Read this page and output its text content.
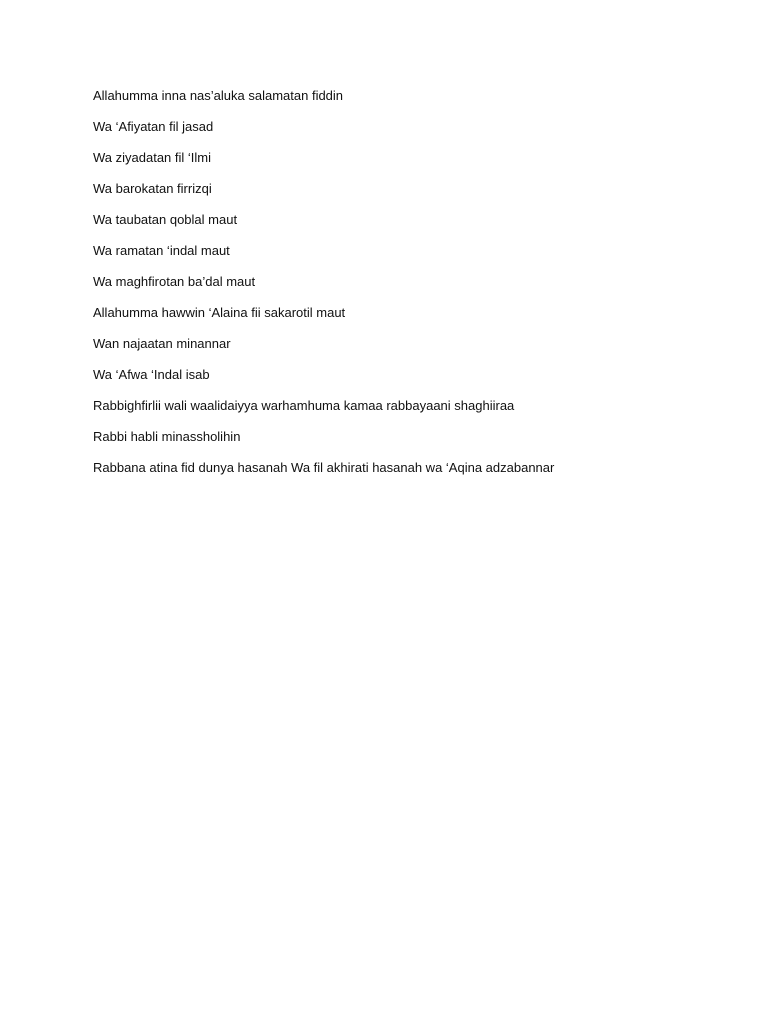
Allahumma inna nas’aluka salamatan fiddin

Wa ‘Afiyatan fil jasad

Wa ziyadatan fil ‘Ilmi

Wa barokatan firrizqi

Wa taubatan qoblal maut

Wa ramatan ‘indal maut

Wa maghfirotan ba’dal maut

Allahumma hawwin ‘Alaina fii sakarotil maut

Wan najaatan minannar

Wa ‘Afwa ‘Indal isab

Rabbighfirlii wali waalidaiyya warhamhuma kamaa rabbayaani shaghiiraa

Rabbi habli minassholihin

Rabbana atina fid dunya hasanah Wa fil akhirati hasanah wa ‘Aqina adzabannar
